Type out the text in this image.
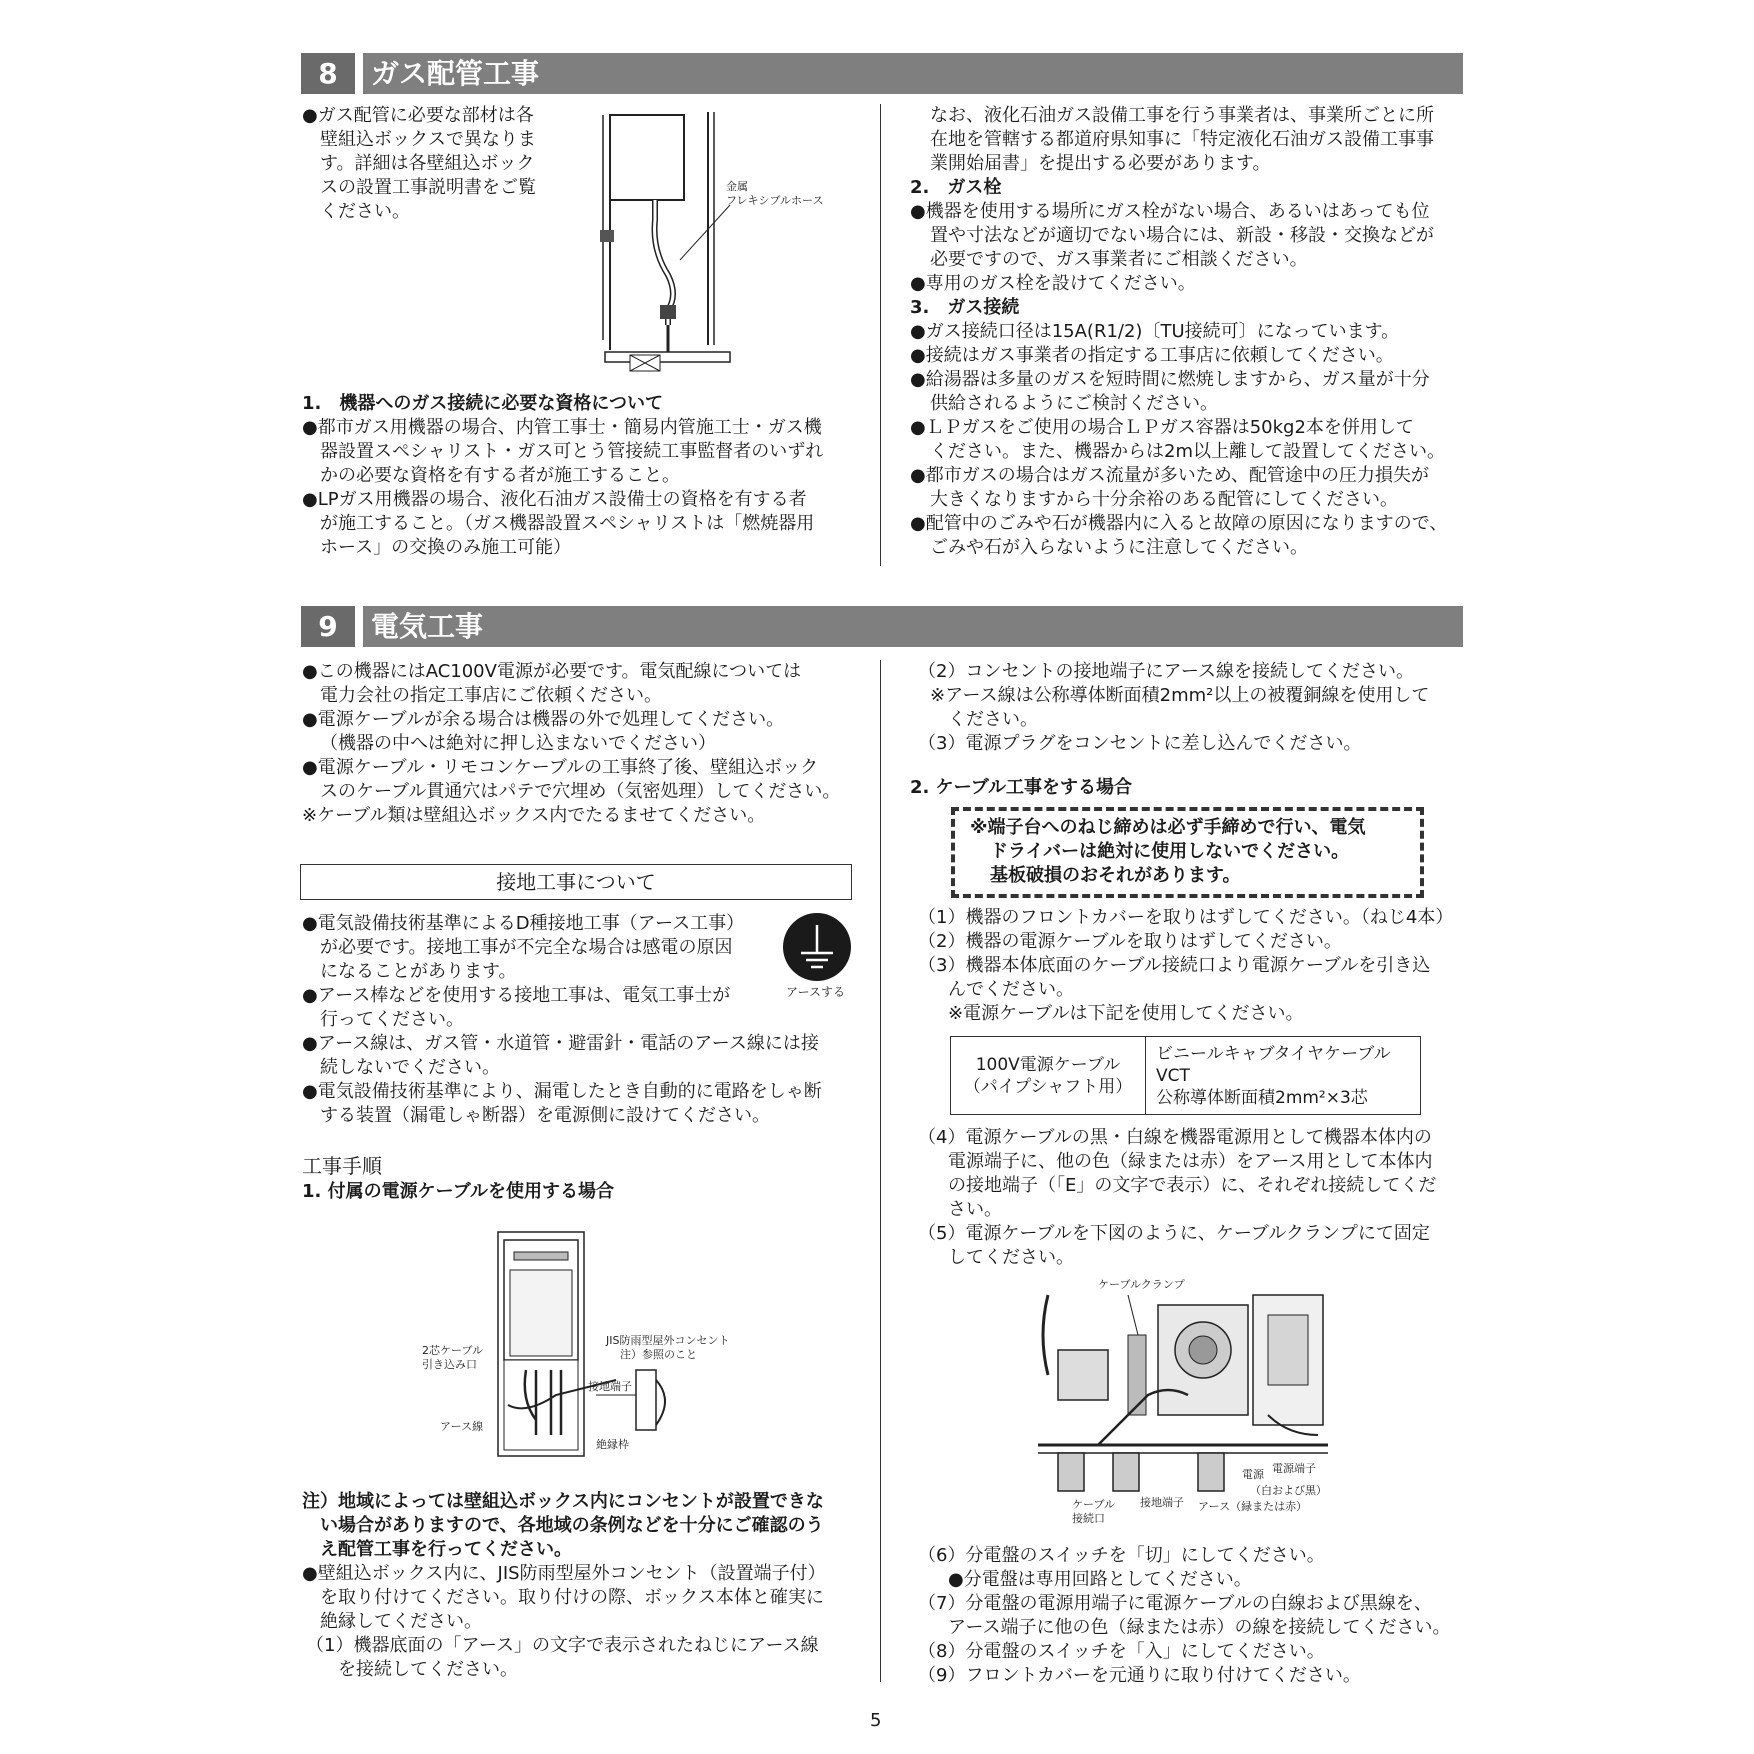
8	ガス配管工事
●ガス配管に必要な部材は各
壁組込ボックスで異なりま
す。詳細は各壁組込ボック
スの設置工事説明書をご覧
ください。
金属
フレキシブルホース
1.　機器へのガス接続に必要な資格について
●都市ガス用機器の場合、内管工事士・簡易内管施工士・ガス機
器設置スペシャリスト・ガス可とう管接続工事監督者のいずれ
かの必要な資格を有する者が施工すること。
●LPガス用機器の場合、液化石油ガス設備士の資格を有する者
が施工すること。（ガス機器設置スペシャリストは「燃焼器用
ホース」の交換のみ施工可能）
なお、液化石油ガス設備工事を行う事業者は、事業所ごとに所
在地を管轄する都道府県知事に「特定液化石油ガス設備工事事
業開始届書」を提出する必要があります。
2.　ガス栓
●機器を使用する場所にガス栓がない場合、あるいはあっても位
置や寸法などが適切でない場合には、新設・移設・交換などが
必要ですので、ガス事業者にご相談ください。
●専用のガス栓を設けてください。
3.　ガス接続
●ガス接続口径は15A(R1/2)〔TU接続可〕になっています。
●接続はガス事業者の指定する工事店に依頼してください。
●給湯器は多量のガスを短時間に燃焼しますから、ガス量が十分
供給されるようにご検討ください。
●ＬＰガスをご使用の場合ＬＰガス容器は50kg2本を併用して
ください。また、機器からは2m以上離して設置してください。
●都市ガスの場合はガス流量が多いため、配管途中の圧力損失が
大きくなりますから十分余裕のある配管にしてください。
●配管中のごみや石が機器内に入ると故障の原因になりますので、
ごみや石が入らないように注意してください。
9	電気工事
●この機器にはAC100V電源が必要です。電気配線については
電力会社の指定工事店にご依頼ください。
●電源ケーブルが余る場合は機器の外で処理してください。
（機器の中へは絶対に押し込まないでください）
●電源ケーブル・リモコンケーブルの工事終了後、壁組込ボック
スのケーブル貫通穴はパテで穴埋め（気密処理）してください。
※ケーブル類は壁組込ボックス内でたるませてください。
接地工事について
●電気設備技術基準によるD種接地工事（アース工事）
が必要です。接地工事が不完全な場合は感電の原因
になることがあります。
●アース棒などを使用する接地工事は、電気工事士が
行ってください。
●アース線は、ガス管・水道管・避雷針・電話のアース線には接
続しないでください。
●電気設備技術基準により、漏電したとき自動的に電路をしゃ断
する装置（漏電しゃ断器）を電源側に設けてください。
アースする
工事手順
1. 付属の電源ケーブルを使用する場合
2芯ケーブル
引き込み口
JIS防雨型屋外コンセント
注）参照のこと
接地端子
アース線
絶縁枠
注）地域によっては壁組込ボックス内にコンセントが設置できな
い場合がありますので、各地域の条例などを十分にご確認のう
え配管工事を行ってください。
●壁組込ボックス内に、JIS防雨型屋外コンセント（設置端子付）
を取り付けてください。取り付けの際、ボックス本体と確実に
絶縁してください。
（1）機器底面の「アース」の文字で表示されたねじにアース線
を接続してください。
（2）コンセントの接地端子にアース線を接続してください。
※アース線は公称導体断面積2mm²以上の被覆銅線を使用して
ください。
（3）電源プラグをコンセントに差し込んでください。
2. ケーブル工事をする場合
※端子台へのねじ締めは必ず手締めで行い、電気
ドライバーは絶対に使用しないでください。
基板破損のおそれがあります。
（1）機器のフロントカバーを取りはずしてください。（ねじ4本）
（2）機器の電源ケーブルを取りはずしてください。
（3）機器本体底面のケーブル接続口より電源ケーブルを引き込
んでください。
※電源ケーブルは下記を使用してください。
100V電源ケーブル
（パイプシャフト用）

ビニールキャブタイヤケーブル
VCT
公称導体断面積2mm²×3芯
（4）電源ケーブルの黒・白線を機器電源用として機器本体内の
電源端子に、他の色（緑または赤）をアース用として本体内
の接地端子（「E」の文字で表示）に、それぞれ接続してくだ
さい。
（5）電源ケーブルを下図のように、ケーブルクランプにて固定
してください。
ケーブルクランプ
電源 電源端子
（白および黒）
ケーブル
接続口
接地端子 アース（緑または赤）
（6）分電盤のスイッチを「切」にしてください。
●分電盤は専用回路としてください。
（7）分電盤の電源用端子に電源ケーブルの白線および黒線を、
アース端子に他の色（緑または赤）の線を接続してください。
（8）分電盤のスイッチを「入」にしてください。
（9）フロントカバーを元通りに取り付けてください。
5
